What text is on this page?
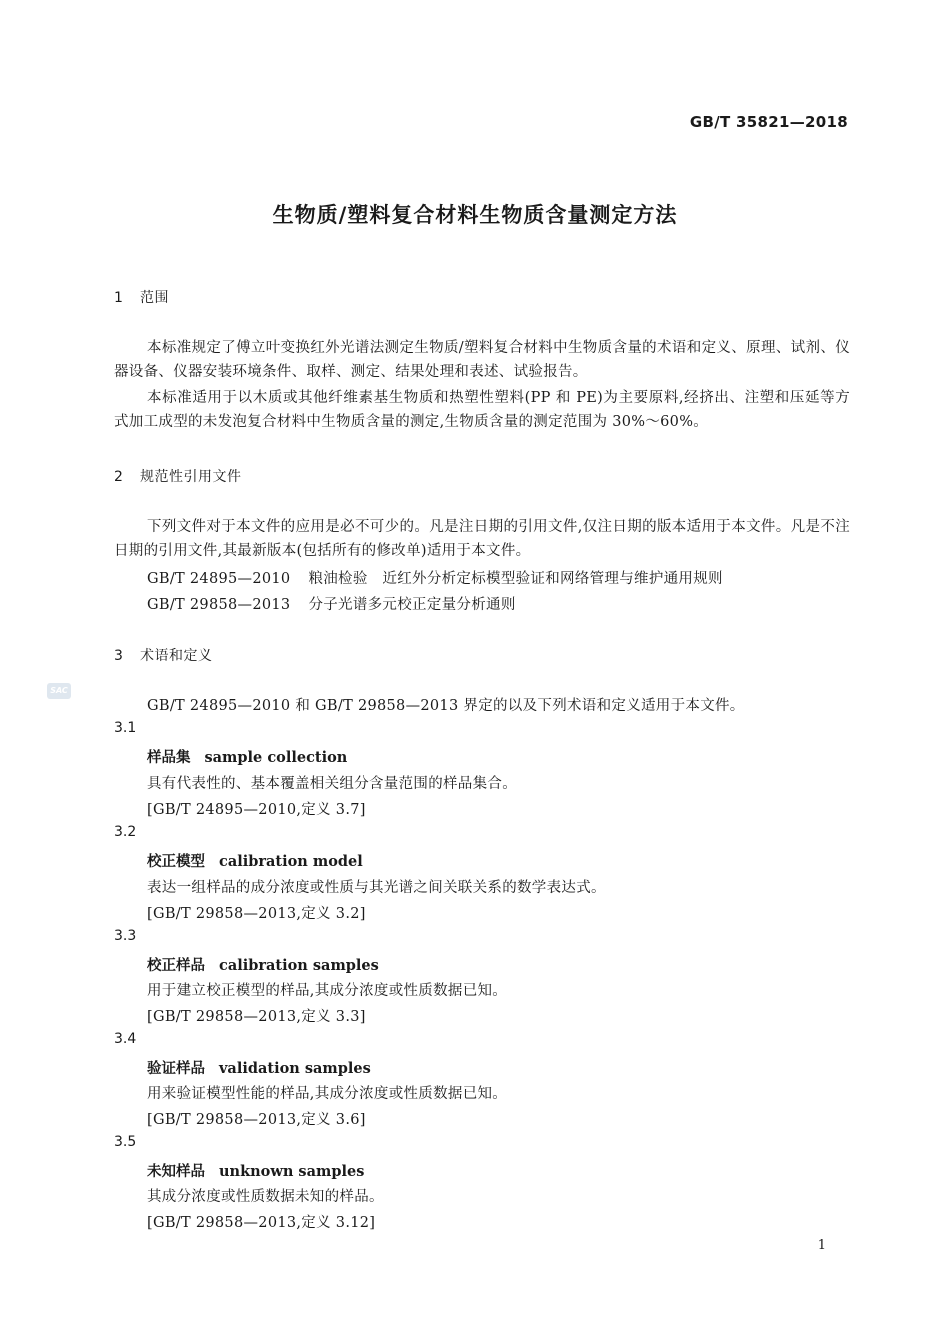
GB/T 35821—2018
生物质/塑料复合材料生物质含量测定方法
1 范围
本标准规定了傅立叶变换红外光谱法测定生物质/塑料复合材料中生物质含量的术语和定义、原理、试剂、仪器设备、仪器安装环境条件、取样、测定、结果处理和表述、试验报告。
本标准适用于以木质或其他纤维素基生物质和热塑性塑料(PP 和 PE)为主要原料,经挤出、注塑和压延等方式加工成型的未发泡复合材料中生物质含量的测定,生物质含量的测定范围为 30%～60%。
2 规范性引用文件
下列文件对于本文件的应用是必不可少的。凡是注日期的引用文件,仅注日期的版本适用于本文件。凡是不注日期的引用文件,其最新版本(包括所有的修改单)适用于本文件。
GB/T 24895—2010 粮油检验　近红外分析定标模型验证和网络管理与维护通用规则
GB/T 29858—2013 分子光谱多元校正定量分析通则
3 术语和定义
SAC
GB/T 24895—2010 和 GB/T 29858—2013 界定的以及下列术语和定义适用于本文件。
3.1
样品集 sample collection
具有代表性的、基本覆盖相关组分含量范围的样品集合。
[GB/T 24895—2010,定义 3.7]
3.2
校正模型 calibration model
表达一组样品的成分浓度或性质与其光谱之间关联关系的数学表达式。
[GB/T 29858—2013,定义 3.2]
3.3
校正样品 calibration samples
用于建立校正模型的样品,其成分浓度或性质数据已知。
[GB/T 29858—2013,定义 3.3]
3.4
验证样品 validation samples
用来验证模型性能的样品,其成分浓度或性质数据已知。
[GB/T 29858—2013,定义 3.6]
3.5
未知样品 unknown samples
其成分浓度或性质数据未知的样品。
[GB/T 29858—2013,定义 3.12]
1
